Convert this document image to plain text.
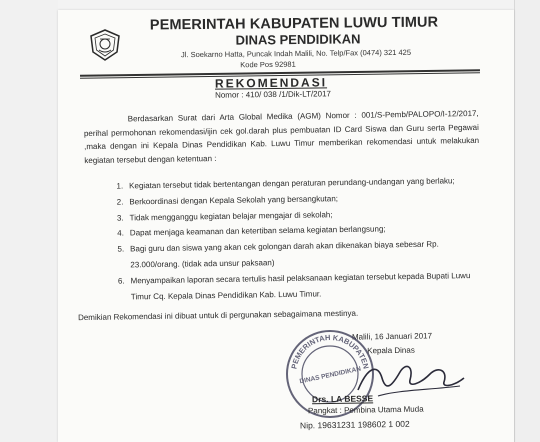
PEMERINTAH KABUPATEN LUWU TIMUR
DINAS PENDIDIKAN
Jl. Soekarno Hatta, Puncak Indah Malili, No. Telp/Fax (0474) 321 425
Kode Pos 92981
REKOMENDASI
Nomor : 410/ 038 /1/Dik-LT/2017

Berdasarkan Surat dari Arta Global Medika (AGM) Nomor : 001/S-Pemb/PALOPO/I-12/2017, perihal permohonan rekomendasi/ijin cek gol.darah plus pembuatan ID Card Siswa dan Guru serta Pegawai ,maka dengan ini Kepala Dinas Pendidikan Kab. Luwu Timur memberikan rekomendasi untuk melakukan kegiatan tersebut dengan ketentuan :

1. Kegiatan tersebut tidak bertentangan dengan peraturan perundang-undangan yang berlaku;
2. Berkoordinasi dengan Kepala Sekolah yang bersangkutan;
3. Tidak mengganggu kegiatan belajar mengajar di sekolah;
4. Dapat menjaga keamanan dan ketertiban selama kegiatan berlangsung;
5. Bagi guru dan siswa yang akan cek golongan darah akan dikenakan biaya sebesar Rp. 23.000/orang. (tidak ada unsur paksaan)
6. Menyampaikan laporan secara tertulis hasil pelaksanaan kegiatan tersebut kepada Bupati Luwu Timur Cq. Kepala Dinas Pendidikan Kab. Luwu Timur.
Demikian Rekomendasi ini dibuat untuk di pergunakan sebagaimana mestinya.
Malili, 16 Januari 2017
Kepala Dinas
PEMERINTAH KABUPATEN
DINAS PENDIDIKAN
Drs. LA BESSE
Pangkat : Pembina Utama Muda
Nip. 19631231 198602 1 002
